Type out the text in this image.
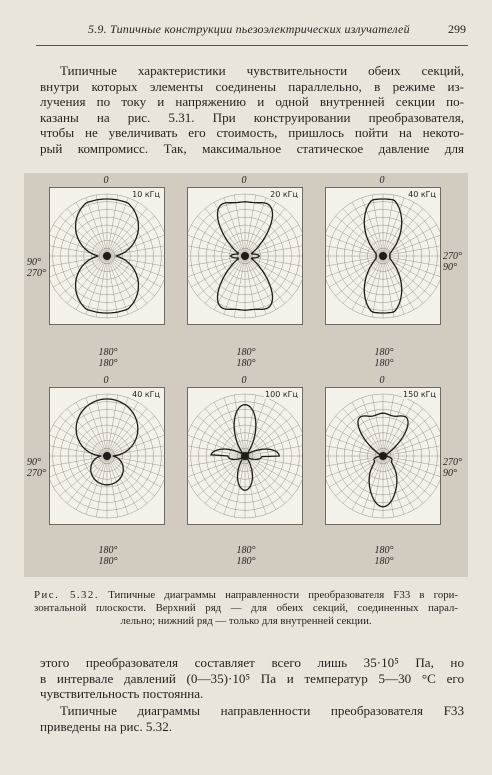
5.9. Типичные конструкции пьезоэлектрических излучателей	299

Типичные характеристики чувствительности обеих секций,
внутри которых элементы соединены параллельно, в режиме из-
лучения по току и напряжению и одной внутренней секции по-
казаны на рис. 5.31. При конструировании преобразователя,
чтобы не увеличивать его стоимость, пришлось пойти на некото-
рый компромисс. Так, максимальное статическое давление для

0	0	0
10 кГц	20 кГц	40 кГц
90°
270°
270°
90°
180°
180°
180°
180°
180°
180°
0	0	0
40 кГц	100 кГц	150 кГц
90°
270°
270°
90°
180°
180°
180°
180°
180°
180°
Рис. 5.32. Типичные диаграммы направленности преобразователя F33 в гори-
зонтальной плоскости. Верхний ряд — для обеих секций, соединенных парал-
лельно; нижний ряд — только для внутренней секции.

этого преобразователя составляет всего лишь 35·10⁵ Па, но
в интервале давлений (0—35)·10⁵ Па и температур 5—30 °С его
чувствительность постоянна.

Типичные диаграммы направленности преобразователя F33
приведены на рис. 5.32.
